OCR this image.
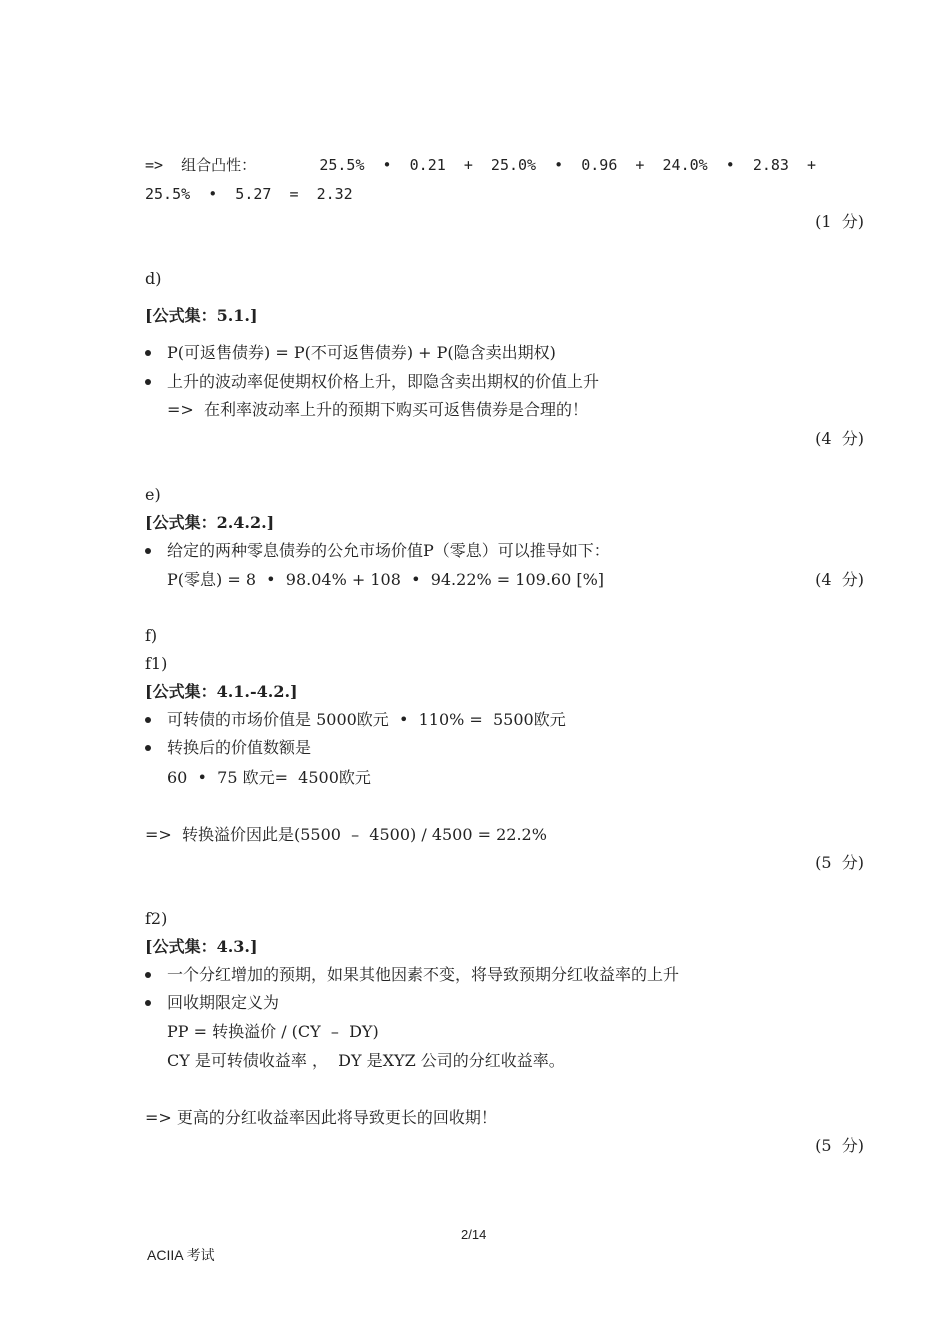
=>  组合凸性：       25.5%  •  0.21  +  25.0%  •  0.96  +  24.0%  •  2.83  +
25.5%  •  5.27  =  2.32
(1  分)
d)
[公式集：5.1.]
P(可返售债券) = P(不可返售债券) + P(隐含卖出期权)
上升的波动率促使期权价格上升，即隐含卖出期权的价值上升
=>  在利率波动率上升的预期下购买可返售债券是合理的！
(4  分)
e)
[公式集：2.4.2.]
给定的两种零息债券的公允市场价值P（零息）可以推导如下：
P(零息) = 8  •  98.04% + 108  •  94.22% = 109.60 [%]	(4  分)
f)
f1)
[公式集：4.1.-4.2.]
可转债的市场价值是 5000欧元  •  110% =  5500欧元
转换后的价值数额是
60  •  75 欧元=  4500欧元
=>  转换溢价因此是(5500  –  4500) / 4500 = 22.2%
(5  分)
f2)
[公式集：4.3.]
一个分红增加的预期，如果其他因素不变，将导致预期分红收益率的上升
回收期限定义为
PP = 转换溢价 / (CY  –  DY)
CY 是可转债收益率 ，  DY 是XYZ 公司的分红收益率。
=> 更高的分红收益率因此将导致更长的回收期！
(5  分)
2/14
ACIIA 考试
